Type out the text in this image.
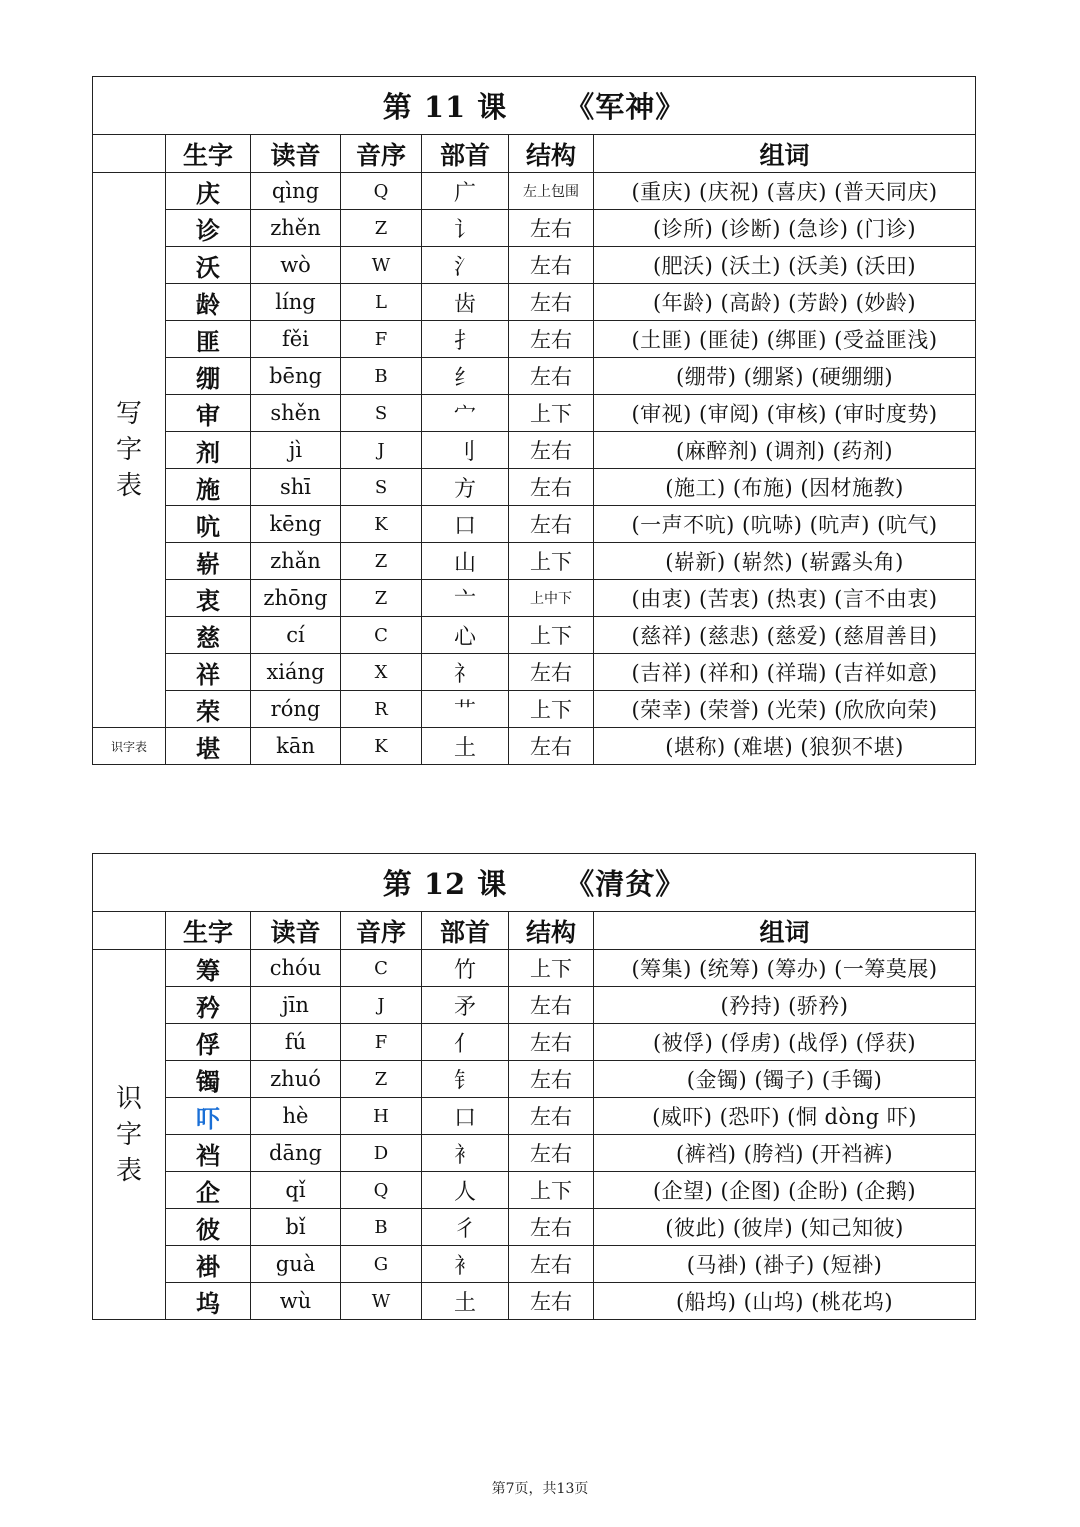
第 11 课 《军神》						
	生字	读音	音序	部首	结构	组词
写字表	庆	qìng	Q	广	左上包围	(重庆) (庆祝) (喜庆) (普天同庆)
	诊	zhěn	Z	讠	左右	(诊所) (诊断) (急诊) (门诊)
	沃	wò	W	氵	左右	(肥沃) (沃土) (沃美) (沃田)
	龄	líng	L	齿	左右	(年龄) (高龄) (芳龄) (妙龄)
	匪	fěi	F	扌	左右	(土匪) (匪徒) (绑匪) (受益匪浅)
	绷	bēng	B	纟	左右	(绷带) (绷紧) (硬绷绷)
	审	shěn	S	宀	上下	(审视) (审阅) (审核) (审时度势)
	剂	jì	J	刂	左右	(麻醉剂) (调剂) (药剂)
	施	shī	S	方	左右	(施工) (布施) (因材施教)
	吭	kēng	K	口	左右	(一声不吭) (吭哧) (吭声) (吭气)
	崭	zhǎn	Z	山	上下	(崭新) (崭然) (崭露头角)
	衷	zhōng	Z	亠	上中下	(由衷) (苦衷) (热衷) (言不由衷)
	慈	cí	C	心	上下	(慈祥) (慈悲) (慈爱) (慈眉善目)
	祥	xiáng	X	礻	左右	(吉祥) (祥和) (祥瑞) (吉祥如意)
	荣	róng	R	艹	上下	(荣幸) (荣誉) (光荣) (欣欣向荣)
识字表	堪	kān	K	土	左右	(堪称) (难堪) (狼狈不堪)
第 12 课 《清贫》						
	生字	读音	音序	部首	结构	组词
识字表	筹	chóu	C	竹	上下	(筹集) (统筹) (筹办) (一筹莫展)
	矜	jīn	J	矛	左右	(矜持) (骄矜)
	俘	fú	F	亻	左右	(被俘) (俘虏) (战俘) (俘获)
	镯	zhuó	Z	钅	左右	(金镯) (镯子) (手镯)
	吓	hè	H	口	左右	(威吓) (恐吓) (恫 dòng 吓)
	裆	dāng	D	衤	左右	(裤裆) (胯裆) (开裆裤)
	企	qǐ	Q	人	上下	(企望) (企图) (企盼) (企鹅)
	彼	bǐ	B	彳	左右	(彼此) (彼岸) (知己知彼)
	褂	guà	G	衤	左右	(马褂) (褂子) (短褂)
	坞	wù	W	土	左右	(船坞) (山坞) (桃花坞)
第7页，共13页
